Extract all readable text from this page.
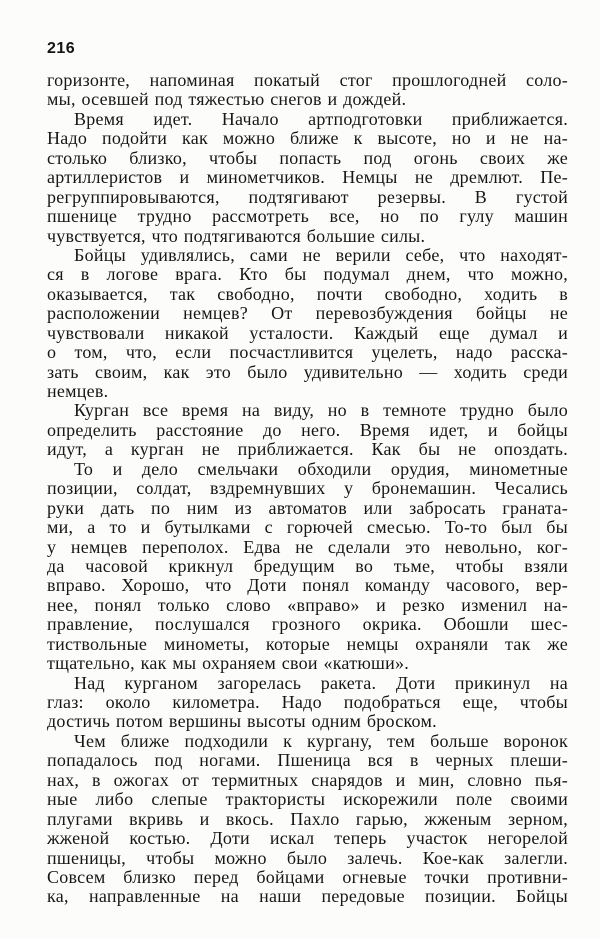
216
горизонте, напоминая покатый стог прошлогодней соло-
мы, осевшей под тяжестью снегов и дождей.
Время идет. Начало артподготовки приближается.
Надо подойти как можно ближе к высоте, но и не на-
столько близко, чтобы попасть под огонь своих же
артиллеристов и минометчиков. Немцы не дремлют. Пе-
регруппировываются, подтягивают резервы. В густой
пшенице трудно рассмотреть все, но по гулу машин
чувствуется, что подтягиваются большие силы.
Бойцы удивлялись, сами не верили себе, что находят-
ся в логове врага. Кто бы подумал днем, что можно,
оказывается, так свободно, почти свободно, ходить в
расположении немцев? От перевозбуждения бойцы не
чувствовали никакой усталости. Каждый еще думал и
о том, что, если посчастливится уцелеть, надо расска-
зать своим, как это было удивительно — ходить среди
немцев.
Курган все время на виду, но в темноте трудно было
определить расстояние до него. Время идет, и бойцы
идут, а курган не приближается. Как бы не опоздать.
То и дело смельчаки обходили орудия, минометные
позиции, солдат, вздремнувших у бронемашин. Чесались
руки дать по ним из автоматов или забросать граната-
ми, а то и бутылками с горючей смесью. То-то был бы
у немцев переполох. Едва не сделали это невольно, ког-
да часовой крикнул бредущим во тьме, чтобы взяли
вправо. Хорошо, что Доти понял команду часового, вер-
нее, понял только слово «вправо» и резко изменил на-
правление, послушался грозного окрика. Обошли шес-
тиствольные минометы, которые немцы охраняли так же
тщательно, как мы охраняем свои «катюши».
Над курганом загорелась ракета. Доти прикинул на
глаз: около километра. Надо подобраться еще, чтобы
достичь потом вершины высоты одним броском.
Чем ближе подходили к кургану, тем больше воронок
попадалось под ногами. Пшеница вся в черных плеши-
нах, в ожогах от термитных снарядов и мин, словно пья-
ные либо слепые трактористы искорежили поле своими
плугами вкривь и вкось. Пахло гарью, жженым зерном,
жженой костью. Доти искал теперь участок негорелой
пшеницы, чтобы можно было залечь. Кое-как залегли.
Совсем близко перед бойцами огневые точки противни-
ка, направленные на наши передовые позиции. Бойцы
